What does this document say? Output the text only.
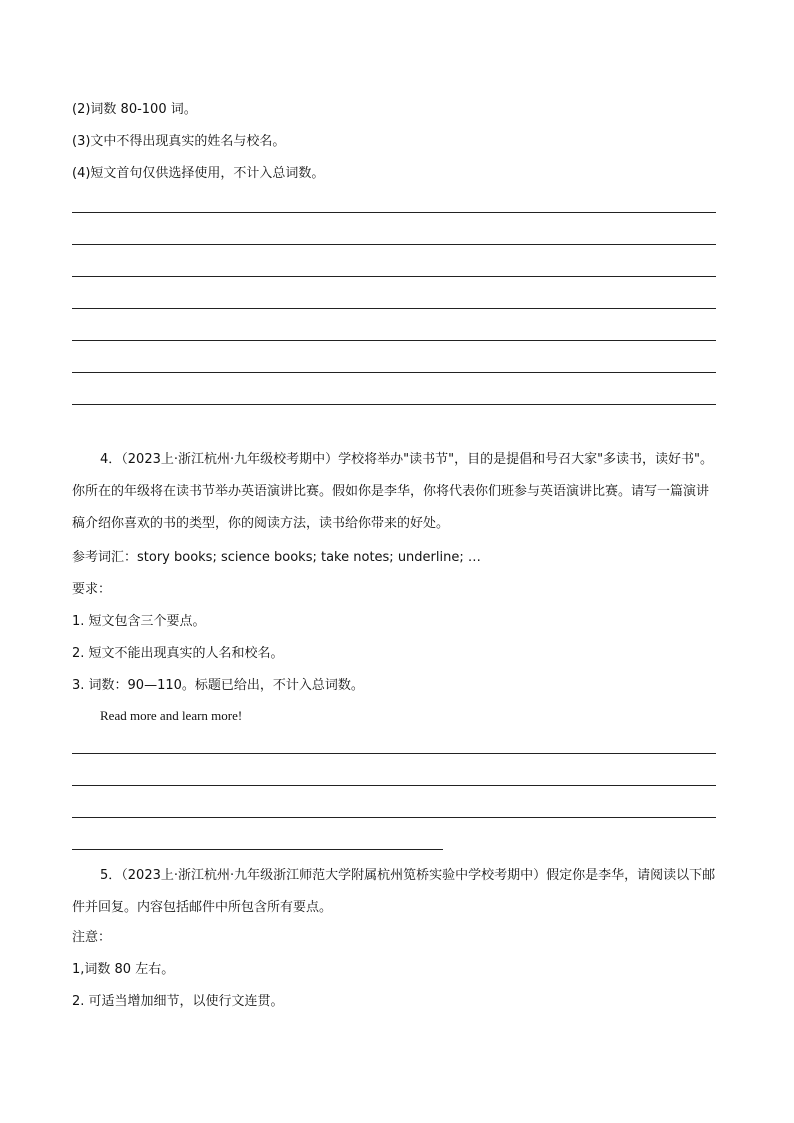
(2)词数 80-100 词。
(3)文中不得出现真实的姓名与校名。
(4)短文首句仅供选择使用，不计入总词数。
4．（2023上·浙江杭州·九年级校考期中）学校将举办"读书节"，目的是提倡和号召大家"多读书，读好书"。你所在的年级将在读书节举办英语演讲比赛。假如你是李华，你将代表你们班参与英语演讲比赛。请写一篇演讲稿介绍你喜欢的书的类型，你的阅读方法，读书给你带来的好处。
参考词汇：story books; science books; take notes; underline; …
要求：
1. 短文包含三个要点。
2. 短文不能出现真实的人名和校名。
3. 词数：90—110。标题已给出，不计入总词数。
Read more and learn more!
5．（2023上·浙江杭州·九年级浙江师范大学附属杭州笕桥实验中学校考期中）假定你是李华，请阅读以下邮件并回复。内容包括邮件中所包含所有要点。
注意：
1,词数 80 左右。
2. 可适当增加细节，以使行文连贯。
